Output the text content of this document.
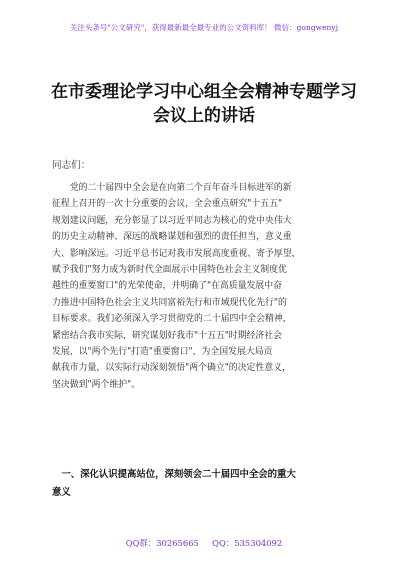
关注头条号"公文研究"，获得最新最全最专业的公文资料库！ 微信：gongwenyj
在市委理论学习中心组全会精神专题学习
会议上的讲话
同志们：

　　党的二十届四中全会是在向第二个百年奋斗目标进军的新

征程上召开的一次十分重要的会议，全会重点研究"十五五"

规划建议问题，充分彰显了以习近平同志为核心的党中央伟大

的历史主动精神、深远的战略谋划和强烈的责任担当，意义重

大、影响深远。习近平总书记对我市发展高度重视、寄予厚望，

赋予我们"努力成为新时代全面展示中国特色社会主义制度优

越性的重要窗口"的光荣使命，并明确了"在高质量发展中奋

力推进中国特色社会主义共同富裕先行和市域现代化先行"的

目标要求。我们必须深入学习贯彻党的二十届四中全会精神，

紧密结合我市实际，研究谋划好我市"十五五"时期经济社会

发展，以"两个先行"打造"重要窗口"，为全国发展大局贡

献我市力量，以实际行动深刻领悟"两个确立"的决定性意义，

坚决做到"两个维护"。

　一、深化认识提高站位，深刻领会二十届四中全会的重大
意义
QQ群：30265665     QQ：535304092
